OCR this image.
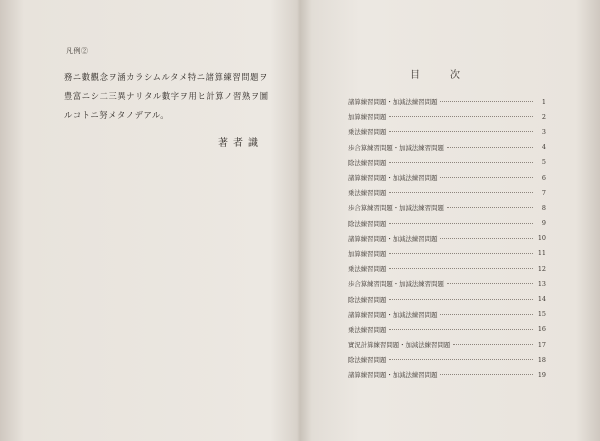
凡例②
務ニ數觀念ヲ涵カラシムルタメ特ニ諸算練習問題ヲ
豊富ニシ二三異ナリタル數字ヲ用ヒ計算ノ習熟ヲ圖
ルコトニ努メタノデアル。
著者識
目次
諸算練習問題・加減法練習問題	1
加算練習問題	2
乗法練習問題	3
歩合算練習問題・加減法練習問題	4
除法練習問題	5
諸算練習問題・加減法練習問題	6
乗法練習問題	7
歩合算練習問題・加減法練習問題	8
除法練習問題	9
諸算練習問題・加減法練習問題	10
加算練習問題	11
乗法練習問題	12
歩合算練習問題・加減法練習問題	13
除法練習問題	14
諸算練習問題・加減法練習問題	15
乗法練習問題	16
實況計算練習問題・加減法練習問題	17
除法練習問題	18
諸算練習問題・加減法練習問題	19
